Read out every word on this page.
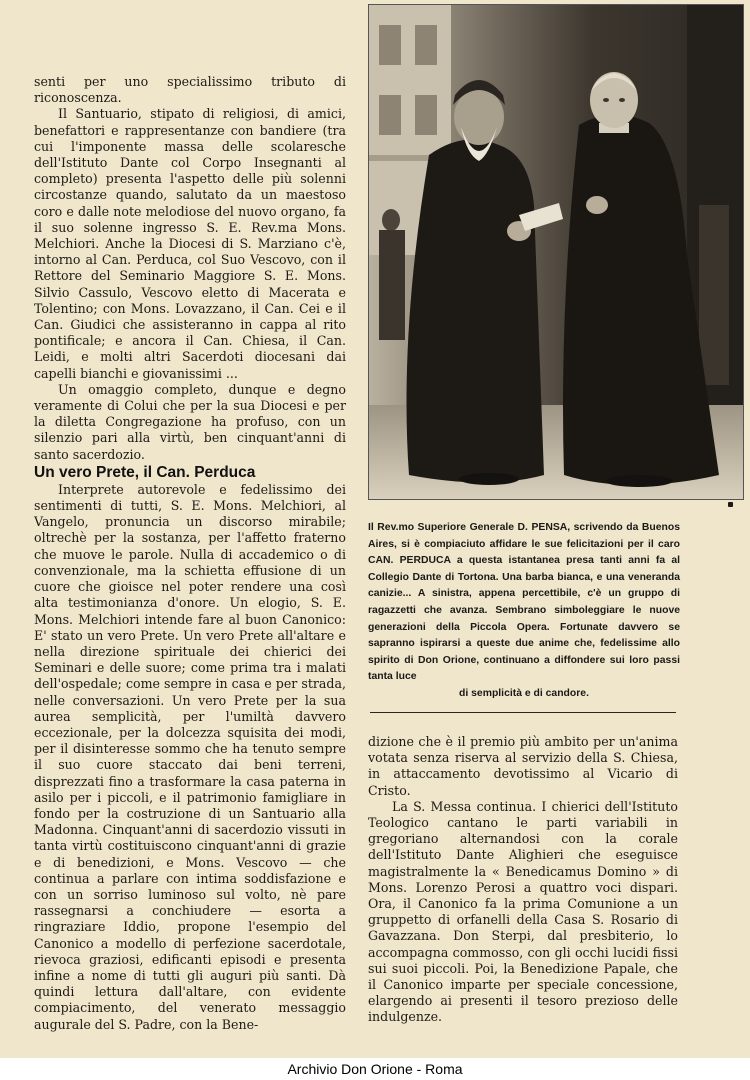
senti per uno specialissimo tributo di riconoscenza.

Il Santuario, stipato di religiosi, di amici, benefattori e rappresentanze con bandiere (tra cui l'imponente massa delle scolaresche dell'Istituto Dante col Corpo Insegnanti al completo) presenta l'aspetto delle più solenni circostanze quando, salutato da un maestoso coro e dalle note melodiose del nuovo organo, fa il suo solenne ingresso S. E. Rev.ma Mons. Melchiori. Anche la Diocesi di S. Marziano c'è, intorno al Can. Perduca, col Suo Vescovo, con il Rettore del Seminario Maggiore S. E. Mons. Silvio Cassulo, Vescovo eletto di Macerata e Tolentino; con Mons. Lovazzano, il Can. Cei e il Can. Giudici che assisteranno in cappa al rito pontificale; e ancora il Can. Chiesa, il Can. Leidi, e molti altri Sacerdoti diocesani dai capelli bianchi e giovanissimi ...

Un omaggio completo, dunque e degno veramente di Colui che per la sua Diocesi e per la diletta Congregazione ha profuso, con un silenzio pari alla virtù, ben cinquant'anni di santo sacerdozio.

Un vero Prete, il Can. Perduca

Interprete autorevole e fedelissimo dei sentimenti di tutti, S. E. Mons. Melchiori, al Vangelo, pronuncia un discorso mirabile; oltrechè per la sostanza, per l'affetto fraterno che muove le parole. Nulla di accademico o di convenzionale, ma la schietta effusione di un cuore che gioisce nel poter rendere una così alta testimonianza d'onore. Un elogio, S. E. Mons. Melchiori intende fare al buon Canonico: E' stato un vero Prete. Un vero Prete all'altare e nella direzione spirituale dei chierici dei Seminari e delle suore; come prima tra i malati dell'ospedale; come sempre in casa e per strada, nelle conversazioni. Un vero Prete per la sua aurea semplicità, per l'umiltà davvero eccezionale, per la dolcezza squisita dei modi, per il disinteresse sommo che ha tenuto sempre il suo cuore staccato dai beni terreni, disprezzati fino a trasformare la casa paterna in asilo per i piccoli, e il patrimonio famigliare in fondo per la costruzione di un Santuario alla Madonna. Cinquant'anni di sacerdozio vissuti in tanta virtù costituiscono cinquant'anni di grazie e di benedizioni, e Mons. Vescovo — che continua a parlare con intima soddisfazione e con un sorriso luminoso sul volto, nè pare rassegnarsi a conchiudere — esorta a ringraziare Iddio, propone l'esempio del Canonico a modello di perfezione sacerdotale, rievoca graziosi, edificanti episodi e presenta infine a nome di tutti gli auguri più santi. Dà quindi lettura dall'altare, con evidente compiacimento, del venerato messaggio augurale del S. Padre, con la Bene-

Il Rev.mo Superiore Generale D. PENSA, scrivendo da Buenos Aires, si è compiaciuto affidare le sue felicitazioni per il caro CAN. PERDUCA a questa istantanea presa tanti anni fa al Collegio Dante di Tortona. Una barba bianca, e una veneranda canizie... A sinistra, appena percettibile, c'è un gruppo di ragazzetti che avanza. Sembrano simboleggiare le nuove generazioni della Piccola Opera. Fortunate davvero se sapranno ispirarsi a queste due anime che, fedelissime allo spirito di Don Orione, continuano a diffondere sui loro passi tanta luce
di semplicità e di candore.

dizione che è il premio più ambito per un'anima votata senza riserva al servizio della S. Chiesa, in attaccamento devotissimo al Vicario di Cristo.

La S. Messa continua. I chierici dell'Istituto Teologico cantano le parti variabili in gregoriano alternandosi con la corale dell'Istituto Dante Alighieri che eseguisce magistralmente la « Benedicamus Domino » di Mons. Lorenzo Perosi a quattro voci dispari. Ora, il Canonico fa la prima Comunione a un gruppetto di orfanelli della Casa S. Rosario di Gavazzana. Don Sterpi, dal presbiterio, lo accompagna commosso, con gli occhi lucidi fissi sui suoi piccoli. Poi, la Benedizione Papale, che il Canonico imparte per speciale concessione, elargendo ai presenti il tesoro prezioso delle indulgenze.

Archivio Don Orione - Roma
